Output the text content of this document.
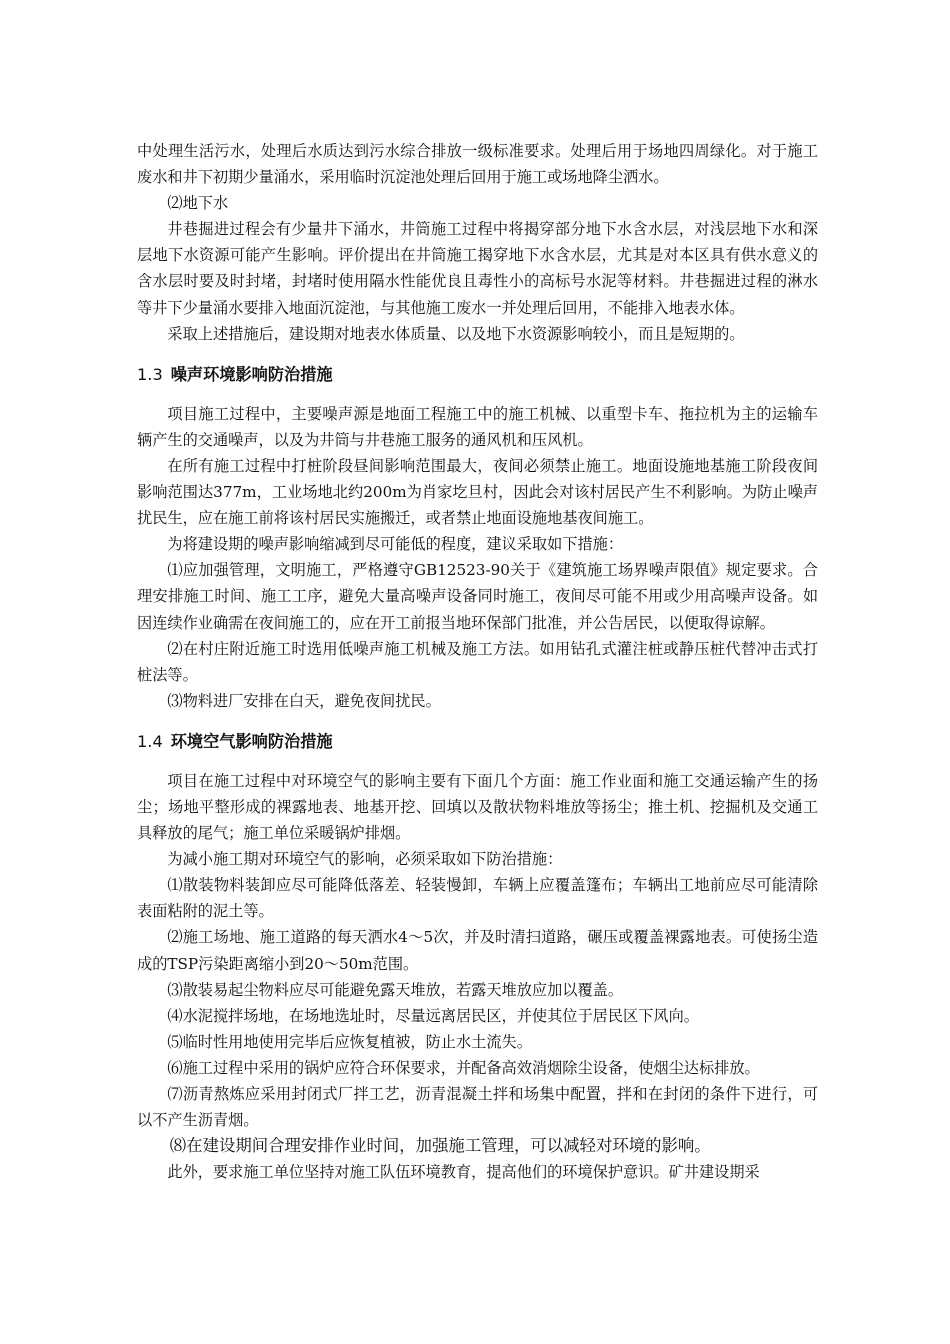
中处理生活污水，处理后水质达到污水综合排放一级标准要求。处理后用于场地四周绿化。对于施工废水和井下初期少量涌水，采用临时沉淀池处理后回用于施工或场地降尘洒水。

⑵地下水

井巷掘进过程会有少量井下涌水，井筒施工过程中将揭穿部分地下水含水层，对浅层地下水和深层地下水资源可能产生影响。评价提出在井筒施工揭穿地下水含水层，尤其是对本区具有供水意义的含水层时要及时封堵，封堵时使用隔水性能优良且毒性小的高标号水泥等材料。井巷掘进过程的淋水等井下少量涌水要排入地面沉淀池，与其他施工废水一并处理后回用，不能排入地表水体。

采取上述措施后，建设期对地表水体质量、以及地下水资源影响较小，而且是短期的。

1.3 噪声环境影响防治措施

项目施工过程中，主要噪声源是地面工程施工中的施工机械、以重型卡车、拖拉机为主的运输车辆产生的交通噪声，以及为井筒与井巷施工服务的通风机和压风机。

在所有施工过程中打桩阶段昼间影响范围最大，夜间必须禁止施工。地面设施地基施工阶段夜间影响范围达377m，工业场地北约200m为肖家圪旦村，因此会对该村居民产生不利影响。为防止噪声扰民生，应在施工前将该村居民实施搬迁，或者禁止地面设施地基夜间施工。

为将建设期的噪声影响缩减到尽可能低的程度，建议采取如下措施：

⑴应加强管理，文明施工，严格遵守GB12523-90关于《建筑施工场界噪声限值》规定要求。合理安排施工时间、施工工序，避免大量高噪声设备同时施工，夜间尽可能不用或少用高噪声设备。如因连续作业确需在夜间施工的，应在开工前报当地环保部门批准，并公告居民，以便取得谅解。

⑵在村庄附近施工时选用低噪声施工机械及施工方法。如用钻孔式灌注桩或静压桩代替冲击式打桩法等。

⑶物料进厂安排在白天，避免夜间扰民。

1.4 环境空气影响防治措施

项目在施工过程中对环境空气的影响主要有下面几个方面：施工作业面和施工交通运输产生的扬尘；场地平整形成的裸露地表、地基开挖、回填以及散状物料堆放等扬尘；推土机、挖掘机及交通工具释放的尾气；施工单位采暖锅炉排烟。

为减小施工期对环境空气的影响，必须采取如下防治措施：

⑴散装物料装卸应尽可能降低落差、轻装慢卸，车辆上应覆盖篷布；车辆出工地前应尽可能清除表面粘附的泥土等。

⑵施工场地、施工道路的每天洒水4～5次，并及时清扫道路，碾压或覆盖裸露地表。可使扬尘造成的TSP污染距离缩小到20～50m范围。

⑶散装易起尘物料应尽可能避免露天堆放，若露天堆放应加以覆盖。

⑷水泥搅拌场地，在场地选址时，尽量远离居民区，并使其位于居民区下风向。

⑸临时性用地使用完毕后应恢复植被，防止水土流失。

⑹施工过程中采用的锅炉应符合环保要求，并配备高效消烟除尘设备，使烟尘达标排放。

⑺沥青熬炼应采用封闭式厂拌工艺，沥青混凝土拌和场集中配置，拌和在封闭的条件下进行，可以不产生沥青烟。

⑻在建设期间合理安排作业时间，加强施工管理，可以减轻对环境的影响。

此外，要求施工单位坚持对施工队伍环境教育，提高他们的环境保护意识。矿井建设期采
